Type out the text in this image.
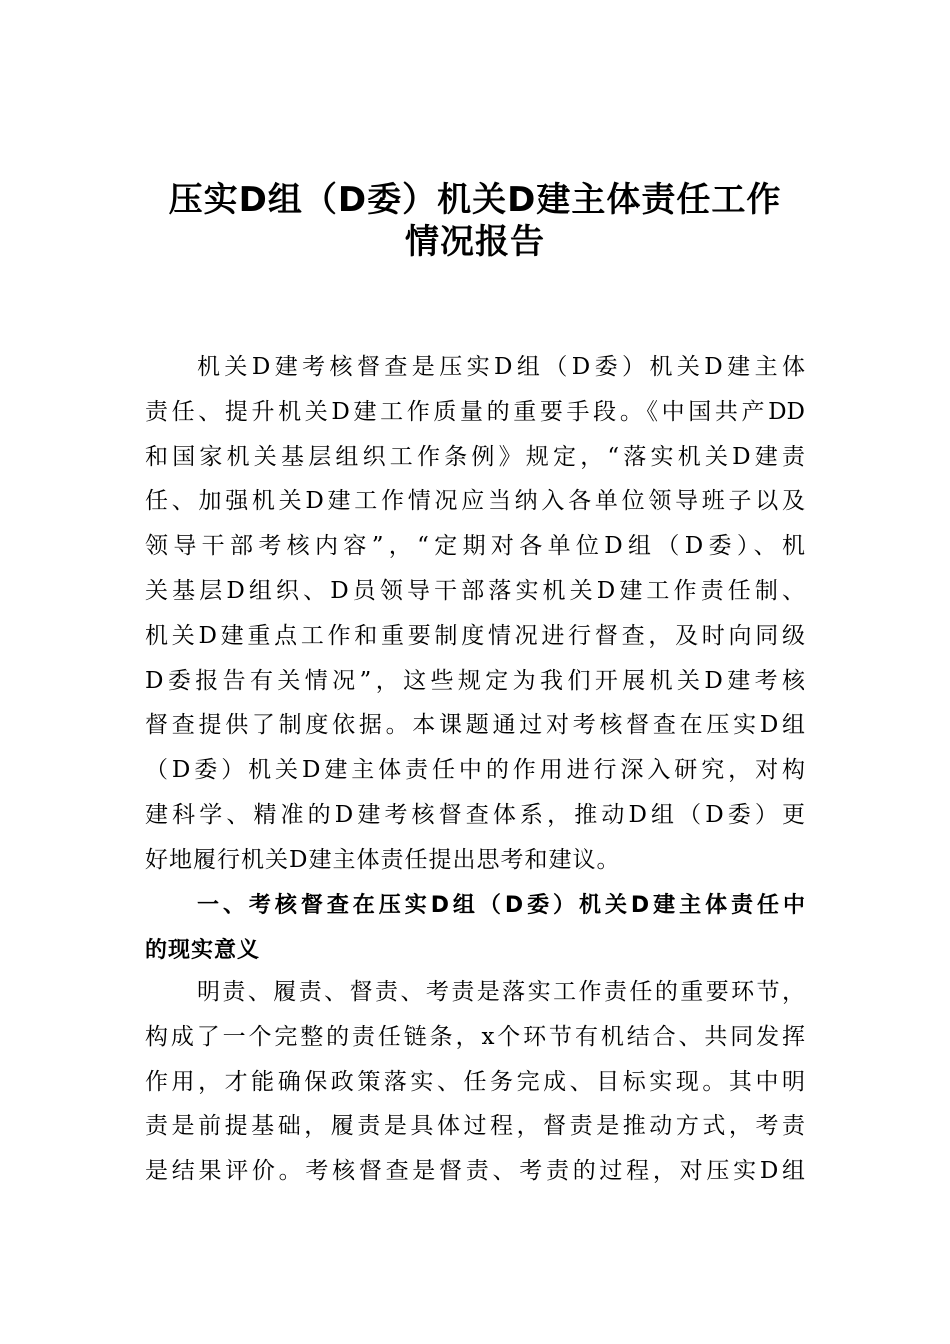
压实D组（D委）机关D建主体责任工作
情况报告
机关D建考核督查是压实D组（D委）机关D建主体
责任、提升机关D建工作质量的重要手段。《中国共产DD
和国家机关基层组织工作条例》规定，“落实机关D建责
任、加强机关D建工作情况应当纳入各单位领导班子以及
领导干部考核内容”，“定期对各单位D组（D委）、机
关基层D组织、D员领导干部落实机关D建工作责任制、
机关D建重点工作和重要制度情况进行督查，及时向同级
D委报告有关情况”，这些规定为我们开展机关D建考核
督查提供了制度依据。本课题通过对考核督查在压实D组
（D委）机关D建主体责任中的作用进行深入研究，对构
建科学、精准的D建考核督查体系，推动D组（D委）更
好地履行机关D建主体责任提出思考和建议。
一、考核督查在压实D组（D委）机关D建主体责任中
的现实意义
明责、履责、督责、考责是落实工作责任的重要环节，
构成了一个完整的责任链条，x个环节有机结合、共同发挥
作用，才能确保政策落实、任务完成、目标实现。其中明
责是前提基础，履责是具体过程，督责是推动方式，考责
是结果评价。考核督查是督责、考责的过程，对压实D组
